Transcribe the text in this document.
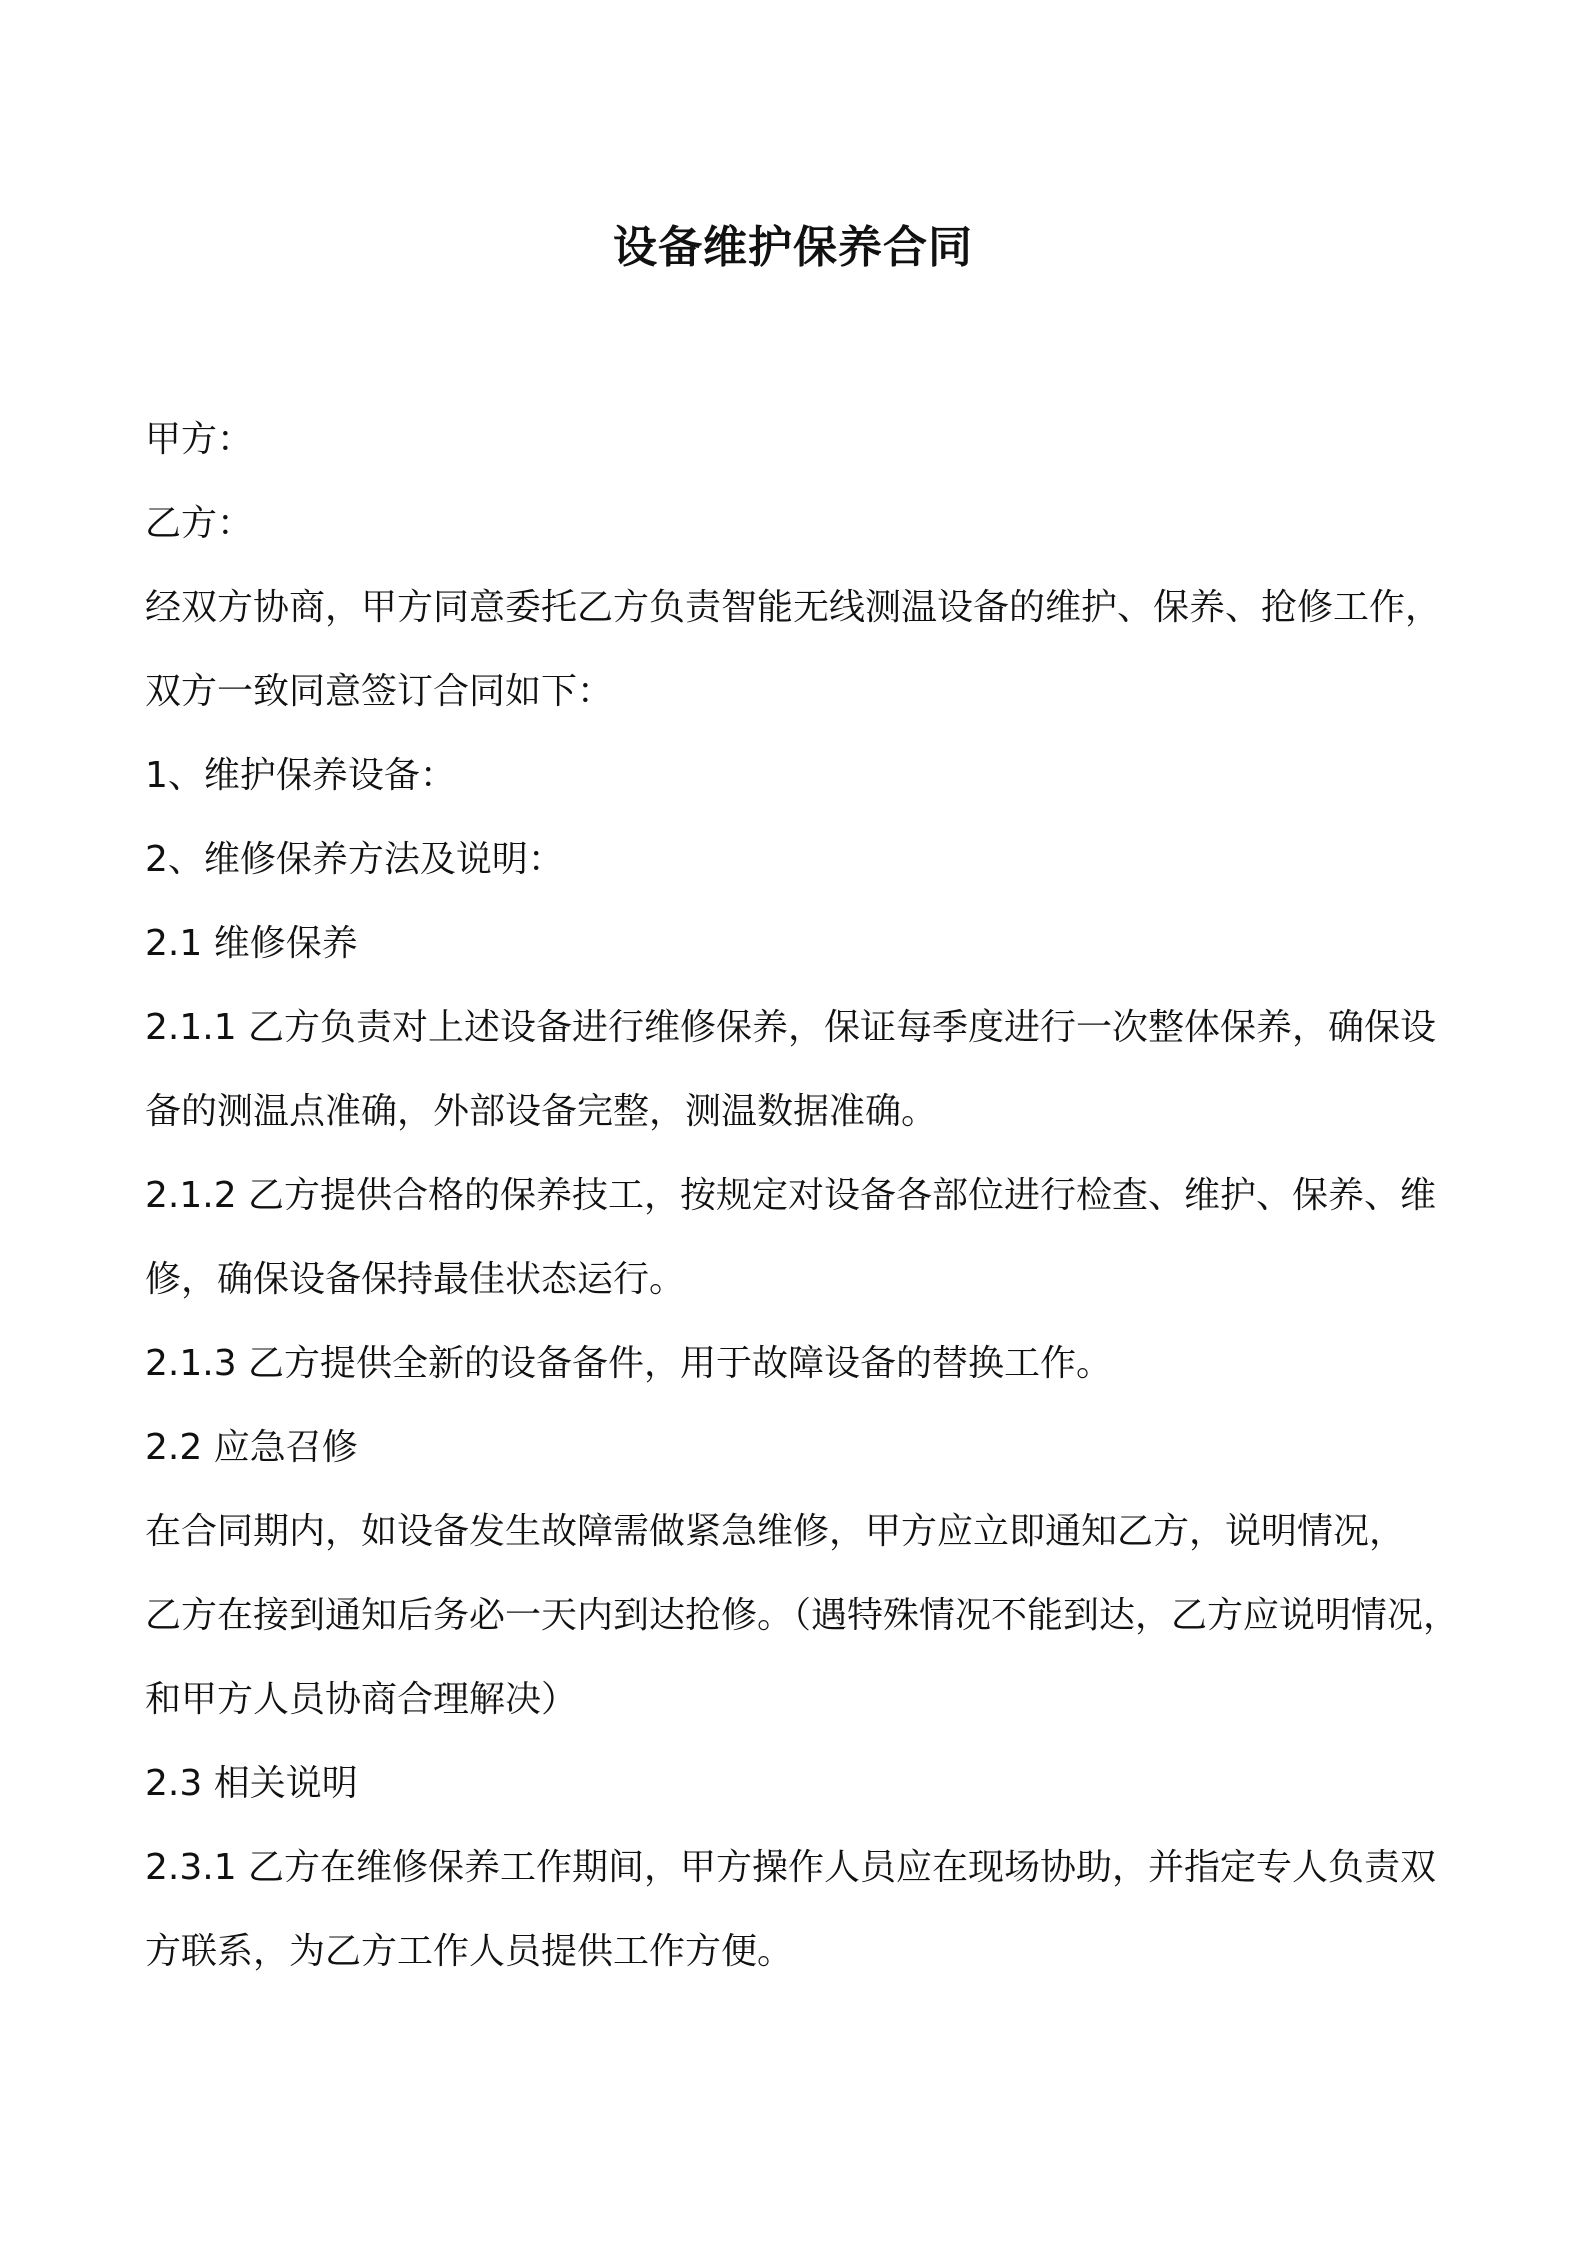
设备维护保养合同
甲方：
乙方：
经双方协商，甲方同意委托乙方负责智能无线测温设备的维护、保养、抢修工作，
双方一致同意签订合同如下：
1、维护保养设备：
2、维修保养方法及说明：
2.1 维修保养
2.1.1 乙方负责对上述设备进行维修保养，保证每季度进行一次整体保养，确保设
备的测温点准确，外部设备完整，测温数据准确。
2.1.2 乙方提供合格的保养技工，按规定对设备各部位进行检查、维护、保养、维
修，确保设备保持最佳状态运行。
2.1.3 乙方提供全新的设备备件，用于故障设备的替换工作。
2.2 应急召修
在合同期内，如设备发生故障需做紧急维修，甲方应立即通知乙方，说明情况，
乙方在接到通知后务必一天内到达抢修。（遇特殊情况不能到达，乙方应说明情况，
和甲方人员协商合理解决）
2.3 相关说明
2.3.1 乙方在维修保养工作期间，甲方操作人员应在现场协助，并指定专人负责双
方联系，为乙方工作人员提供工作方便。
